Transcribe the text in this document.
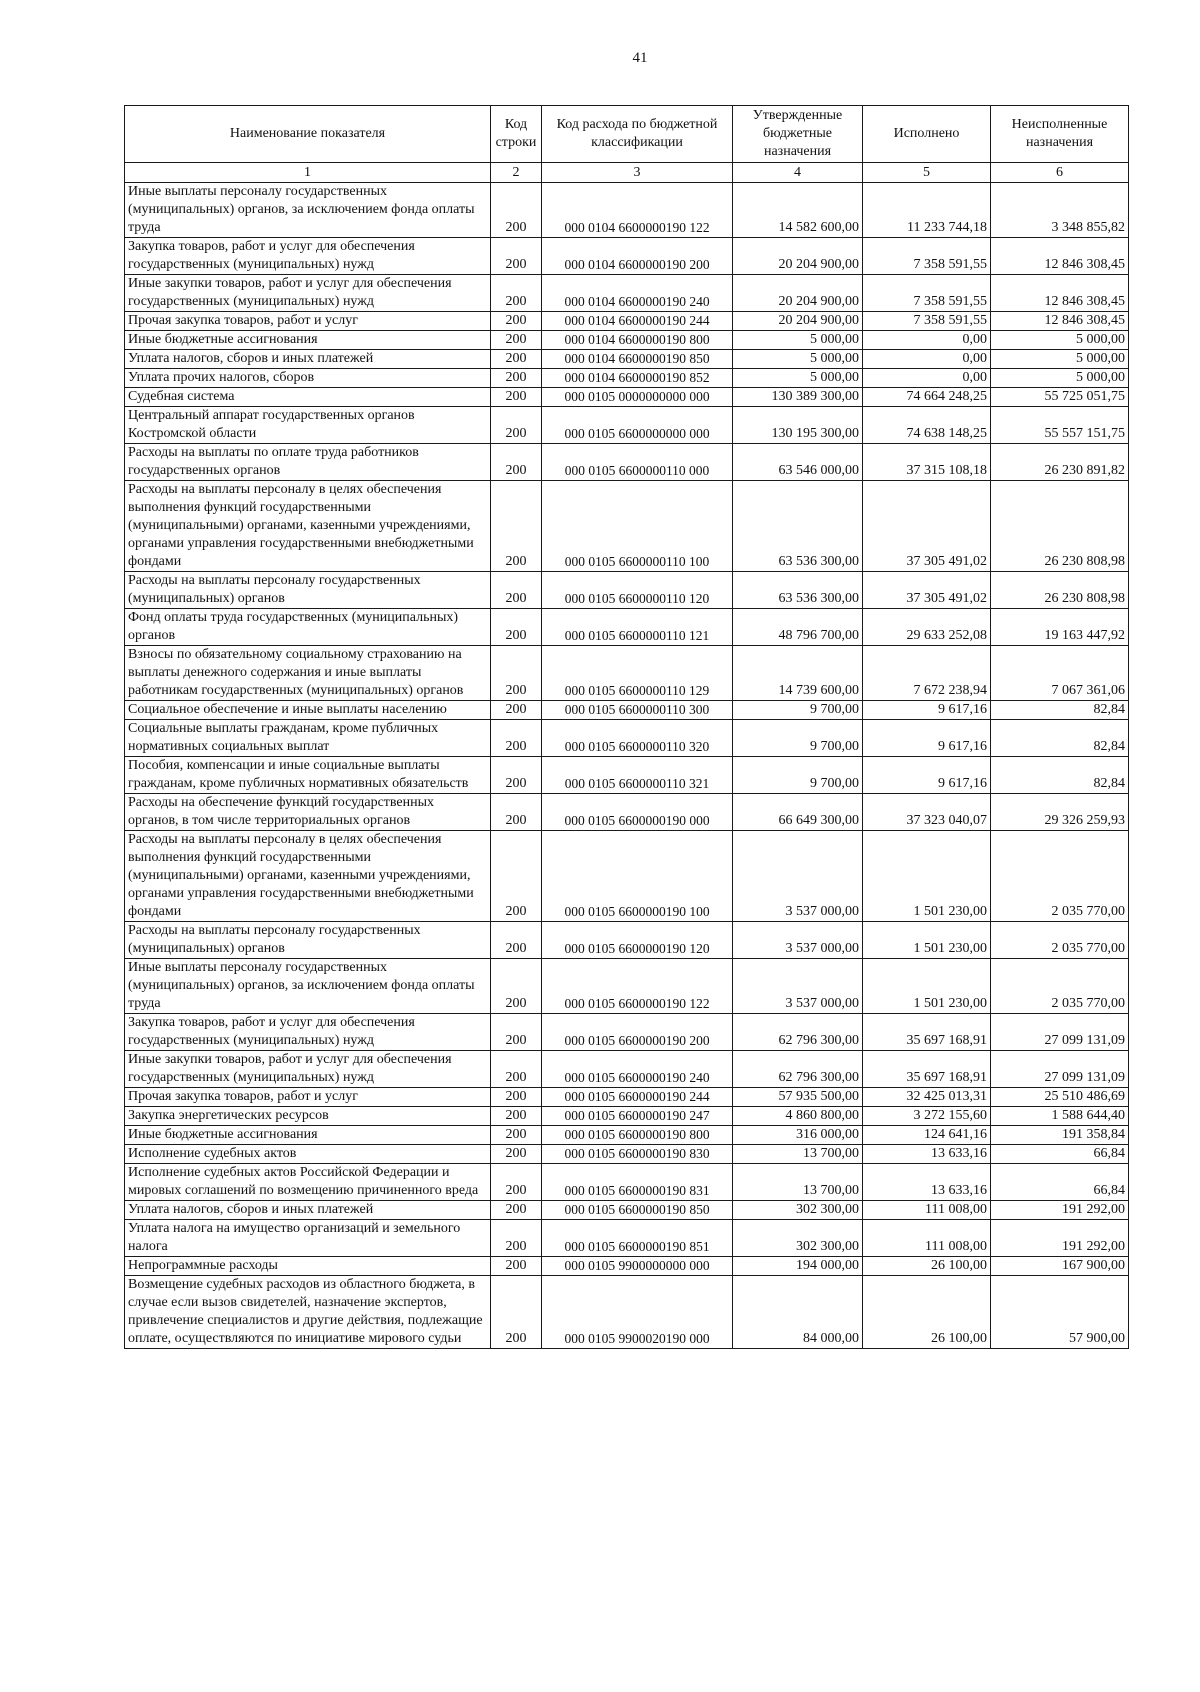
41
Наименование показателя	Код строки	Код расхода по бюджетной классификации	Утвержденные бюджетные назначения	Исполнено	Неисполненные назначения
1	2	3	4	5	6
Иные выплаты персоналу государственных (муниципальных) органов, за исключением фонда оплаты труда	200	000 0104 6600000190 122	14 582 600,00	11 233 744,18	3 348 855,82
Закупка товаров, работ и услуг для обеспечения государственных (муниципальных) нужд	200	000 0104 6600000190 200	20 204 900,00	7 358 591,55	12 846 308,45
Иные закупки товаров, работ и услуг для обеспечения государственных (муниципальных) нужд	200	000 0104 6600000190 240	20 204 900,00	7 358 591,55	12 846 308,45
Прочая закупка товаров, работ и услуг	200	000 0104 6600000190 244	20 204 900,00	7 358 591,55	12 846 308,45
Иные бюджетные ассигнования	200	000 0104 6600000190 800	5 000,00	0,00	5 000,00
Уплата налогов, сборов и иных платежей	200	000 0104 6600000190 850	5 000,00	0,00	5 000,00
Уплата прочих налогов, сборов	200	000 0104 6600000190 852	5 000,00	0,00	5 000,00
Судебная система	200	000 0105 0000000000 000	130 389 300,00	74 664 248,25	55 725 051,75
Центральный аппарат государственных органов Костромской области	200	000 0105 6600000000 000	130 195 300,00	74 638 148,25	55 557 151,75
Расходы на выплаты по оплате труда работников государственных органов	200	000 0105 6600000110 000	63 546 000,00	37 315 108,18	26 230 891,82
Расходы на выплаты персоналу в целях обеспечения выполнения функций государственными (муниципальными) органами, казенными учреждениями, органами управления государственными внебюджетными фондами	200	000 0105 6600000110 100	63 536 300,00	37 305 491,02	26 230 808,98
Расходы на выплаты персоналу государственных (муниципальных) органов	200	000 0105 6600000110 120	63 536 300,00	37 305 491,02	26 230 808,98
Фонд оплаты труда государственных (муниципальных) органов	200	000 0105 6600000110 121	48 796 700,00	29 633 252,08	19 163 447,92
Взносы по обязательному социальному страхованию на выплаты денежного содержания и иные выплаты работникам государственных (муниципальных) органов	200	000 0105 6600000110 129	14 739 600,00	7 672 238,94	7 067 361,06
Социальное обеспечение и иные выплаты населению	200	000 0105 6600000110 300	9 700,00	9 617,16	82,84
Социальные выплаты гражданам, кроме публичных нормативных социальных выплат	200	000 0105 6600000110 320	9 700,00	9 617,16	82,84
Пособия, компенсации и иные социальные выплаты гражданам, кроме публичных нормативных обязательств	200	000 0105 6600000110 321	9 700,00	9 617,16	82,84
Расходы на обеспечение функций государственных органов, в том числе территориальных органов	200	000 0105 6600000190 000	66 649 300,00	37 323 040,07	29 326 259,93
Расходы на выплаты персоналу в целях обеспечения выполнения функций государственными (муниципальными) органами, казенными учреждениями, органами управления государственными внебюджетными фондами	200	000 0105 6600000190 100	3 537 000,00	1 501 230,00	2 035 770,00
Расходы на выплаты персоналу государственных (муниципальных) органов	200	000 0105 6600000190 120	3 537 000,00	1 501 230,00	2 035 770,00
Иные выплаты персоналу государственных (муниципальных) органов, за исключением фонда оплаты труда	200	000 0105 6600000190 122	3 537 000,00	1 501 230,00	2 035 770,00
Закупка товаров, работ и услуг для обеспечения государственных (муниципальных) нужд	200	000 0105 6600000190 200	62 796 300,00	35 697 168,91	27 099 131,09
Иные закупки товаров, работ и услуг для обеспечения государственных (муниципальных) нужд	200	000 0105 6600000190 240	62 796 300,00	35 697 168,91	27 099 131,09
Прочая закупка товаров, работ и услуг	200	000 0105 6600000190 244	57 935 500,00	32 425 013,31	25 510 486,69
Закупка энергетических ресурсов	200	000 0105 6600000190 247	4 860 800,00	3 272 155,60	1 588 644,40
Иные бюджетные ассигнования	200	000 0105 6600000190 800	316 000,00	124 641,16	191 358,84
Исполнение судебных актов	200	000 0105 6600000190 830	13 700,00	13 633,16	66,84
Исполнение судебных актов Российской Федерации и мировых соглашений по возмещению причиненного вреда	200	000 0105 6600000190 831	13 700,00	13 633,16	66,84
Уплата налогов, сборов и иных платежей	200	000 0105 6600000190 850	302 300,00	111 008,00	191 292,00
Уплата налога на имущество организаций и земельного налога	200	000 0105 6600000190 851	302 300,00	111 008,00	191 292,00
Непрограммные расходы	200	000 0105 9900000000 000	194 000,00	26 100,00	167 900,00
Возмещение судебных расходов из областного бюджета, в случае если вызов свидетелей, назначение экспертов, привлечение специалистов и другие действия, подлежащие оплате, осуществляются по инициативе мирового судьи	200	000 0105 9900020190 000	84 000,00	26 100,00	57 900,00
